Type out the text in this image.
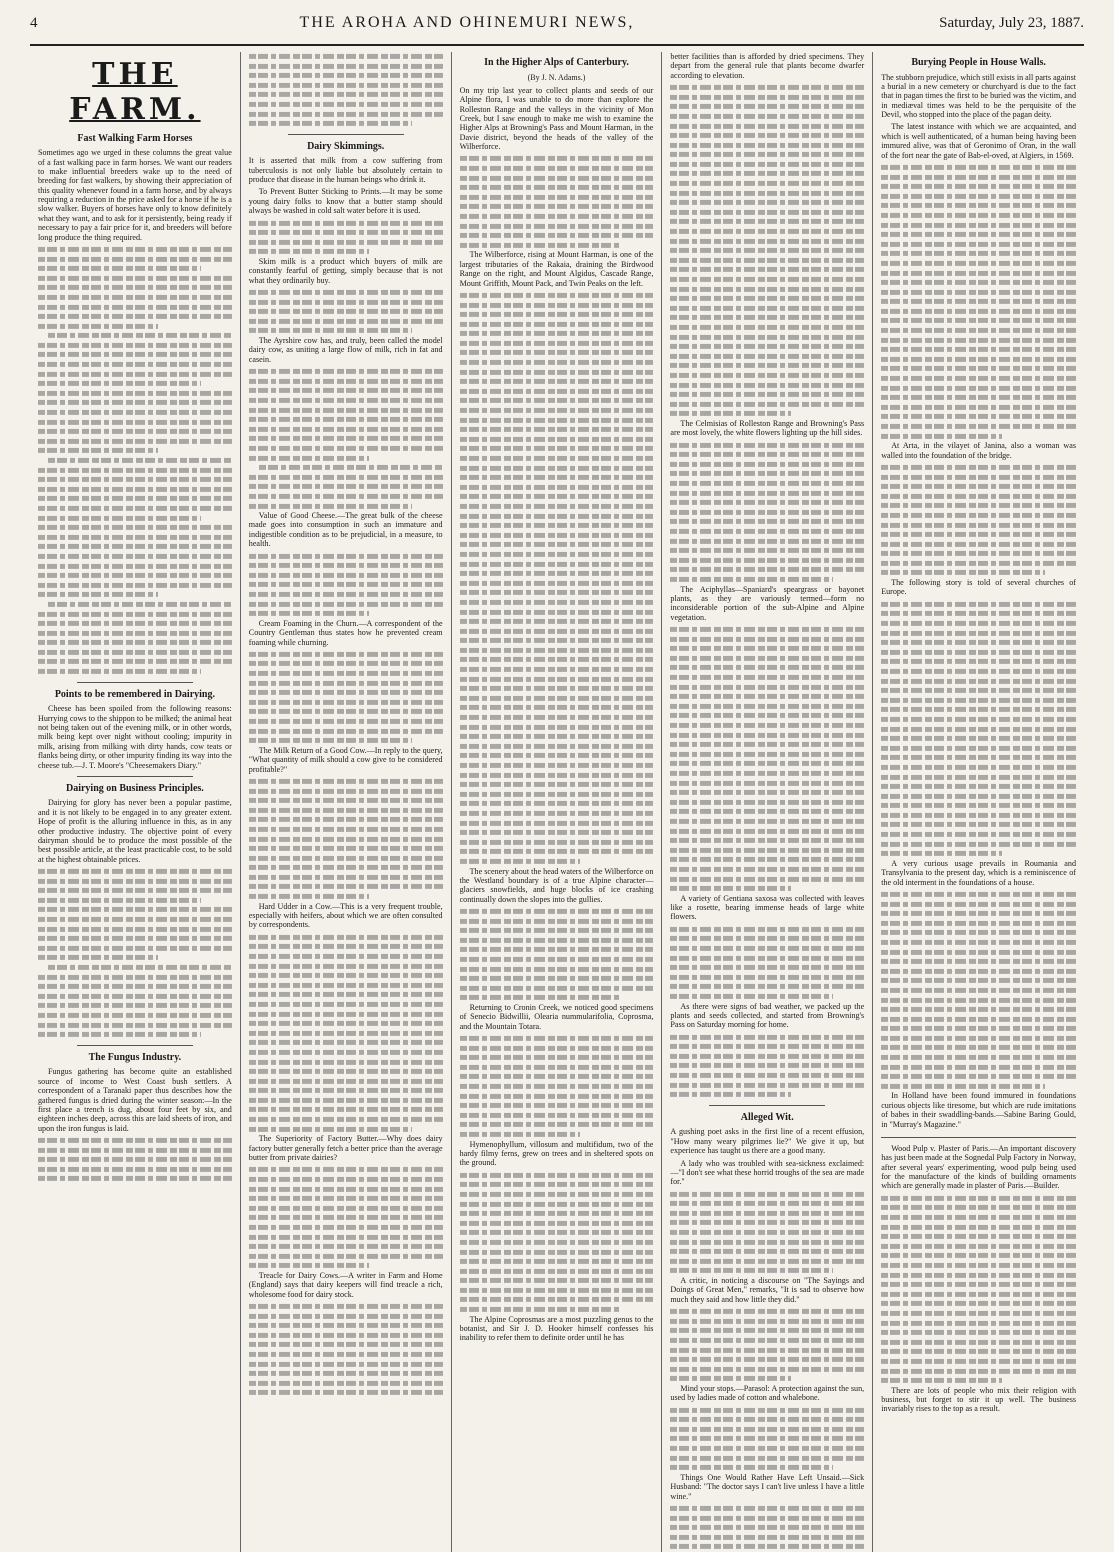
4	THE AROHA AND OHINEMURI NEWS,	Saturday, July 23, 1887.
THE FARM.
Fast Walking Farm Horses

Sometimes ago we urged in these columns the great value of a fast walking pace in farm horses. We want our readers to make influential breeders wake up to the need of breeding for fast walkers, by showing their appreciation of this quality whenever found in a farm horse, and by always requiring a reduction in the price asked for a horse if he is a slow walker. Buyers of horses have only to know definitely what they want, and to ask for it persistently, being ready if necessary to pay a fair price for it, and breeders will before long produce the thing required.

Points to be remembered in Dairying.

Cheese has been spoiled from the following reasons: Hurrying cows to the shippon to be milked; the animal heat not being taken out of the evening milk, or in other words, milk being kept over night without cooling; impurity in milk, arising from milking with dirty hands, cow teats or flanks being dirty, or other impurity finding its way into the cheese tub.—J. T. Moore's "Cheesemakers Diary."

Dairying on Business Principles.

Dairying for glory has never been a popular pastime, and it is not likely to be engaged in to any greater extent. Hope of profit is the alluring influence in this, as in any other productive industry. The objective point of every dairyman should be to produce the most possible of the best possible article, at the least practicable cost, to be sold at the highest obtainable prices.

The Fungus Industry.

Fungus gathering has become quite an established source of income to West Coast bush settlers. A correspondent of a Taranaki paper thus describes how the gathered fungus is dried during the winter season:—In the first place a trench is dug, about four feet by six, and eighteen inches deep, across this are laid sheets of iron, and upon the iron fungus is laid.

Dairy Skimmings.

It is asserted that milk from a cow suffering from tuberculosis is not only liable but absolutely certain to produce that disease in the human beings who drink it.

To Prevent Butter Sticking to Prints.—It may be some young dairy folks to know that a butter stamp should always be washed in cold salt water before it is used.

Skim milk is a product which buyers of milk are constantly fearful of getting, simply because that is not what they ordinarily buy.

The Ayrshire cow has, and truly, been called the model dairy cow, as uniting a large flow of milk, rich in fat and casein.

Value of Good Cheese.—The great bulk of the cheese made goes into consumption in such an immature and indigestible condition as to be prejudicial, in a measure, to health.

Cream Foaming in the Churn.—A correspondent of the Country Gentleman thus states how he prevented cream foaming while churning.

The Milk Return of a Good Cow.—In reply to the query, "What quantity of milk should a cow give to be considered profitable?"

Hard Udder in a Cow.—This is a very frequent trouble, especially with heifers, about which we are often consulted by correspondents.

The Superiority of Factory Butter.—Why does dairy factory butter generally fetch a better price than the average butter from private dairies?

Treacle for Dairy Cows.—A writer in Farm and Home (England) says that dairy keepers will find treacle a rich, wholesome food for dairy stock.

In the Higher Alps of Canterbury.
(By J. N. Adams.)

On my trip last year to collect plants and seeds of our Alpine flora, I was unable to do more than explore the Rolleston Range and the valleys in the vicinity of Mon Creek, but I saw enough to make me wish to examine the Higher Alps at Browning's Pass and Mount Harman, in the Davie district, beyond the heads of the valley of the Wilberforce.

The Wilberforce, rising at Mount Harman, is one of the largest tributaries of the Rakaia, draining the Birdwood Range on the right, and Mount Algidus, Cascade Range, Mount Griffith, Mount Pack, and Twin Peaks on the left.

The scenery about the head waters of the Wilberforce on the Westland boundary is of a true Alpine character—glaciers snowfields, and huge blocks of ice crashing continually down the slopes into the gullies.

Returning to Cronin Creek, we noticed good specimens of Senecio Bidwillii, Olearia nummularifolia, Coprosma, and the Mountain Totara.

Hymenophyllum, villosum and multifidum, two of the hardy filmy ferns, grew on trees and in sheltered spots on the ground.

The Alpine Coprosmas are a most puzzling genus to the botanist, and Sir J. D. Hooker himself confesses his inability to refer them to definite order until he has

better facilities than is afforded by dried specimens. They depart from the general rule that plants become dwarfer according to elevation.

The Celmisias of Rolleston Range and Browning's Pass are most lovely, the white flowers lighting up the hill sides.

The Aciphyllas—Spaniard's speargrass or bayonet plants, as they are variously termed—form no inconsiderable portion of the sub-Alpine and Alpine vegetation.

A variety of Gentiana saxosa was collected with leaves like a rosette, bearing immense heads of large white flowers.

As there were signs of bad weather, we packed up the plants and seeds collected, and started from Browning's Pass on Saturday morning for home.

Alleged Wit.

A gushing poet asks in the first line of a recent effusion, "How many weary pilgrimes lie?" We give it up, but experience has taught us there are a good many.

A lady who was troubled with sea-sickness exclaimed:—"I don't see what these horrid troughs of the sea are made for."

A critic, in noticing a discourse on "The Sayings and Doings of Great Men," remarks, "It is sad to observe how much they said and how little they did."

Mind your stops.—Parasol: A protection against the sun, used by ladies made of cotton and whalebone.

Things One Would Rather Have Left Unsaid.—Sick Husband: "The doctor says I can't live unless I have a little wine."

Burying People in House Walls.

The stubborn prejudice, which still exists in all parts against a burial in a new cemetery or churchyard is due to the fact that in pagan times the first to be buried was the victim, and in mediæval times was held to be the perquisite of the Devil, who stopped into the place of the pagan deity.

The latest instance with which we are acquainted, and which is well authenticated, of a human being having been immured alive, was that of Geronimo of Oran, in the wall of the fort near the gate of Bab-el-oved, at Algiers, in 1569.

At Arta, in the vilayet of Janina, also a woman was walled into the foundation of the bridge.

The following story is told of several churches of Europe.

A very curious usage prevails in Roumania and Transylvania to the present day, which is a reminiscence of the old interment in the foundations of a house.

In Holland have been found immured in foundations curious objects like tiresome, but which are rude imitations of babes in their swaddling-bands.—Sabine Baring Gould, in "Murray's Magazine."

Wood Pulp v. Plaster of Paris.—An important discovery has just been made at the Sognedal Pulp Factory in Norway, after several years' experimenting, wood pulp being used for the manufacture of the kinds of building ornaments which are generally made in plaster of Paris.—Builder.

There are lots of people who mix their religion with business, but forget to stir it up well. The business invariably rises to the top as a result.
